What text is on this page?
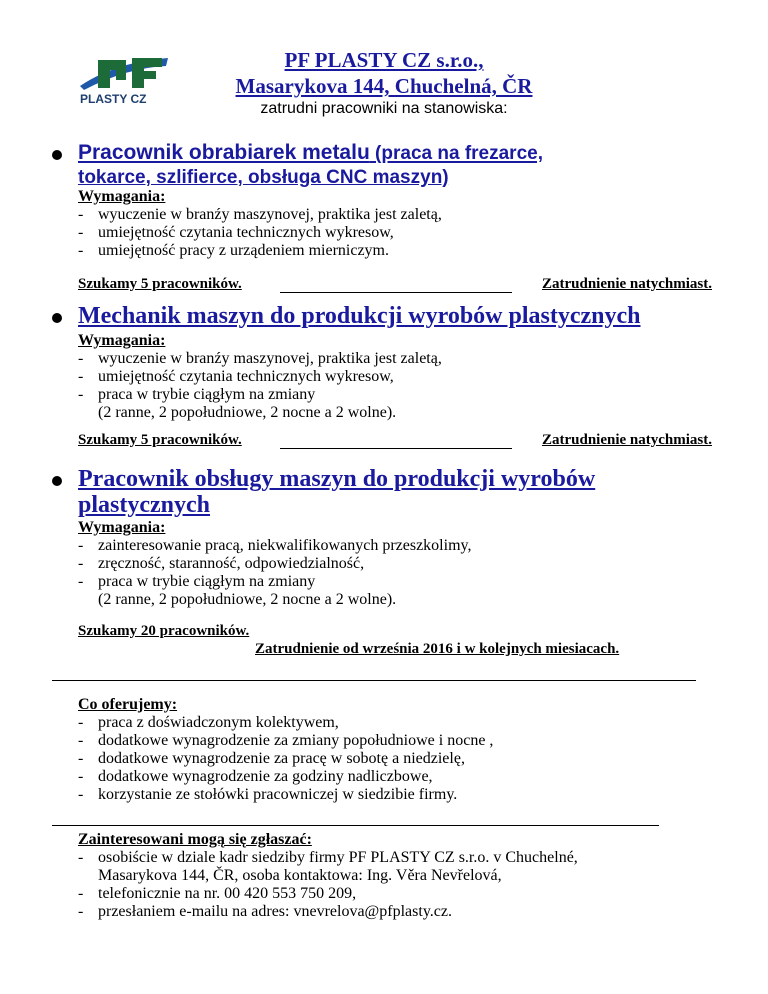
PLASTY CZ
PF PLASTY CZ s.r.o.,
Masarykova 144, Chuchelná, ČR
zatrudni pracowniki na stanowiska:
Pracownik obrabiarek metalu (praca na frezarce,
tokarce, szlifierce, obsługa CNC maszyn)
Wymagania:
- wyuczenie w branźy maszynovej, praktika jest zaletą,
- umiejętność czytania technicznych wykresow,
- umiejętność pracy z urządeniem mierniczym.
Szukamy 5 pracowników.	Zatrudnienie natychmiast.
Mechanik maszyn do produkcji wyrobów plastycznych
Wymagania:
- wyuczenie w branźy maszynovej, praktika jest zaletą,
- umiejętność czytania technicznych wykresow,
- praca w trybie ciągłym na zmiany
(2 ranne, 2 popołudniowe, 2 nocne a 2 wolne).
Szukamy 5 pracowników.	Zatrudnienie natychmiast.
Pracownik obsługy maszyn do produkcji wyrobów
plastycznych
Wymagania:
- zainteresowanie pracą, niekwalifikowanych przeszkolimy,
- zręczność, staranność, odpowiedzialność,
- praca w trybie ciągłym na zmiany
(2 ranne, 2 popołudniowe, 2 nocne a 2 wolne).
Szukamy 20 pracowników.
Zatrudnienie od września 2016 i w kolejnych miesiacach.
Co oferujemy:
- praca z doświadczonym kolektywem,
- dodatkowe wynagrodzenie za zmiany popołudniowe i nocne ,
- dodatkowe wynagrodzenie za pracę w sobotę a niedzielę,
- dodatkowe wynagrodzenie za godziny nadliczbowe,
- korzystanie ze stołówki pracowniczej w siedzibie firmy.
Zainteresowani mogą się zgłaszać:
- osobiście w dziale kadr siedziby firmy PF PLASTY CZ s.r.o. v Chuchelné,
Masarykova 144, ČR, osoba kontaktowa: Ing. Věra Nevřelová,
- telefonicznie na nr. 00 420 553 750 209,
- przesłaniem e-mailu na adres: vnevrelova@pfplasty.cz.
